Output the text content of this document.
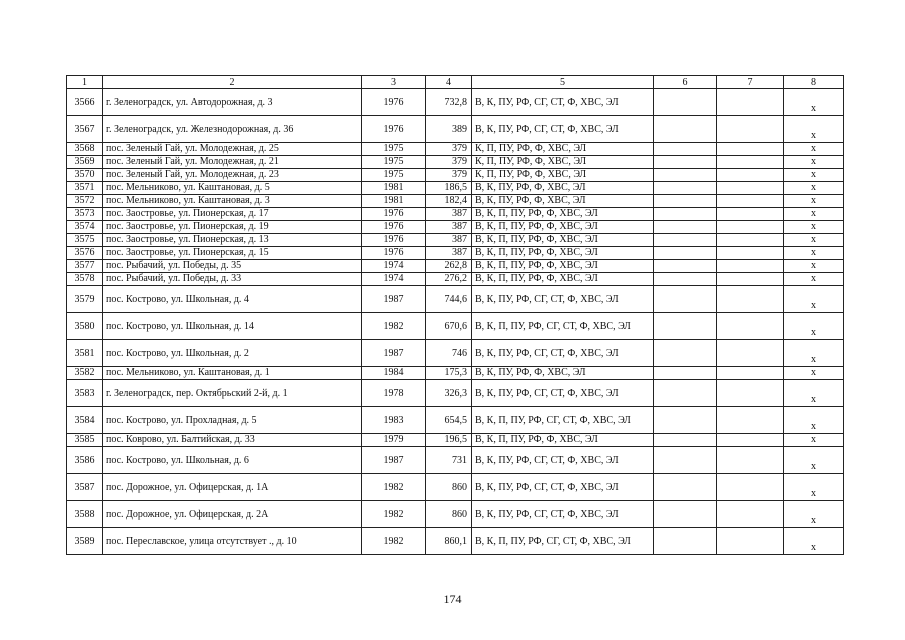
1	2	3	4	5	6	7	8
3566	г. Зеленоградск, ул. Автодорожная, д. 3	1976	732,8	В, К, ПУ, РФ, СГ, СТ, Ф, ХВС, ЭЛ			х
3567	г. Зеленоградск, ул. Железнодорожная, д. 36	1976	389	В, К, ПУ, РФ, СГ, СТ, Ф, ХВС, ЭЛ			х
3568	пос. Зеленый Гай, ул. Молодежная, д. 25	1975	379	К, П, ПУ, РФ, Ф, ХВС, ЭЛ			х
3569	пос. Зеленый Гай, ул. Молодежная, д. 21	1975	379	К, П, ПУ, РФ, Ф, ХВС, ЭЛ			х
3570	пос. Зеленый Гай, ул. Молодежная, д. 23	1975	379	К, П, ПУ, РФ, Ф, ХВС, ЭЛ			х
3571	пос. Мельниково, ул. Каштановая, д. 5	1981	186,5	В, К, ПУ, РФ, Ф, ХВС, ЭЛ			х
3572	пос. Мельниково, ул. Каштановая, д. 3	1981	182,4	В, К, ПУ, РФ, Ф, ХВС, ЭЛ			х
3573	пос. Заостровье, ул. Пионерская, д. 17	1976	387	В, К, П, ПУ, РФ, Ф, ХВС, ЭЛ			х
3574	пос. Заостровье, ул. Пионерская, д. 19	1976	387	В, К, П, ПУ, РФ, Ф, ХВС, ЭЛ			х
3575	пос. Заостровье, ул. Пионерская, д. 13	1976	387	В, К, П, ПУ, РФ, Ф, ХВС, ЭЛ			х
3576	пос. Заостровье, ул. Пионерская, д. 15	1976	387	В, К, П, ПУ, РФ, Ф, ХВС, ЭЛ			х
3577	пос. Рыбачий, ул. Победы, д. 35	1974	262,8	В, К, П, ПУ, РФ, Ф, ХВС, ЭЛ			х
3578	пос. Рыбачий, ул. Победы, д. 33	1974	276,2	В, К, П, ПУ, РФ, Ф, ХВС, ЭЛ			х
3579	пос. Кострово, ул. Школьная, д. 4	1987	744,6	В, К, ПУ, РФ, СГ, СТ, Ф, ХВС, ЭЛ			х
3580	пос. Кострово, ул. Школьная, д. 14	1982	670,6	В, К, П, ПУ, РФ, СГ, СТ, Ф, ХВС, ЭЛ			х
3581	пос. Кострово, ул. Школьная, д. 2	1987	746	В, К, ПУ, РФ, СГ, СТ, Ф, ХВС, ЭЛ			х
3582	пос. Мельниково, ул. Каштановая, д. 1	1984	175,3	В, К, ПУ, РФ, Ф, ХВС, ЭЛ			х
3583	г. Зеленоградск, пер. Октябрьский 2-й, д. 1	1978	326,3	В, К, ПУ, РФ, СГ, СТ, Ф, ХВС, ЭЛ			х
3584	пос. Кострово, ул. Прохладная, д. 5	1983	654,5	В, К, П, ПУ, РФ, СГ, СТ, Ф, ХВС, ЭЛ			х
3585	пос. Коврово, ул. Балтийская, д. 33	1979	196,5	В, К, П, ПУ, РФ, Ф, ХВС, ЭЛ			х
3586	пос. Кострово, ул. Школьная, д. 6	1987	731	В, К, ПУ, РФ, СГ, СТ, Ф, ХВС, ЭЛ			х
3587	пос. Дорожное, ул. Офицерская, д. 1А	1982	860	В, К, ПУ, РФ, СГ, СТ, Ф, ХВС, ЭЛ			х
3588	пос. Дорожное, ул. Офицерская, д. 2А	1982	860	В, К, ПУ, РФ, СГ, СТ, Ф, ХВС, ЭЛ			х
3589	пос. Переславское, улица отсутствует ., д. 10	1982	860,1	В, К, П, ПУ, РФ, СГ, СТ, Ф, ХВС, ЭЛ			х
174
